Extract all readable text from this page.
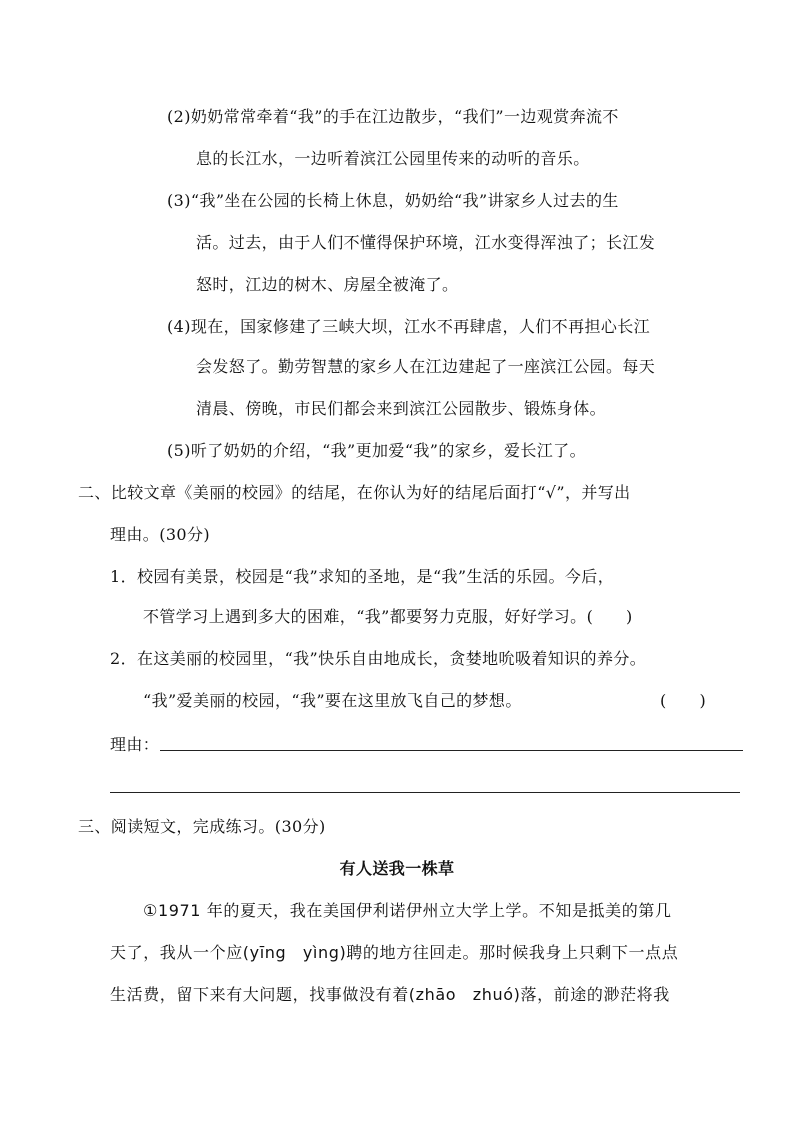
(2)奶奶常常牵着“我”的手在江边散步，“我们”一边观赏奔流不
息的长江水，一边听着滨江公园里传来的动听的音乐。
(3)“我”坐在公园的长椅上休息，奶奶给“我”讲家乡人过去的生
活。过去，由于人们不懂得保护环境，江水变得浑浊了；长江发
怒时，江边的树木、房屋全被淹了。
(4)现在，国家修建了三峡大坝，江水不再肆虐，人们不再担心长江
会发怒了。勤劳智慧的家乡人在江边建起了一座滨江公园。每天
清晨、傍晚，市民们都会来到滨江公园散步、锻炼身体。
(5)听了奶奶的介绍，“我”更加爱“我”的家乡，爱长江了。
二、比较文章《美丽的校园》的结尾，在你认为好的结尾后面打“√”，并写出
理由。(30分)
1．校园有美景，校园是“我”求知的圣地，是“我”生活的乐园。今后，
不管学习上遇到多大的困难，“我”都要努力克服，好好学习。(　　)
2．在这美丽的校园里，“我”快乐自由地成长，贪婪地吮吸着知识的养分。
“我”爱美丽的校园，“我”要在这里放飞自己的梦想。	(　　)
理由：
三、阅读短文，完成练习。(30分)
有人送我一株草
①1971 年的夏天，我在美国伊利诺伊州立大学上学。不知是抵美的第几
天了，我从一个应(yīng　yìng)聘的地方往回走。那时候我身上只剩下一点点
生活费，留下来有大问题，找事做没有着(zhāo　zhuó)落，前途的渺茫将我
